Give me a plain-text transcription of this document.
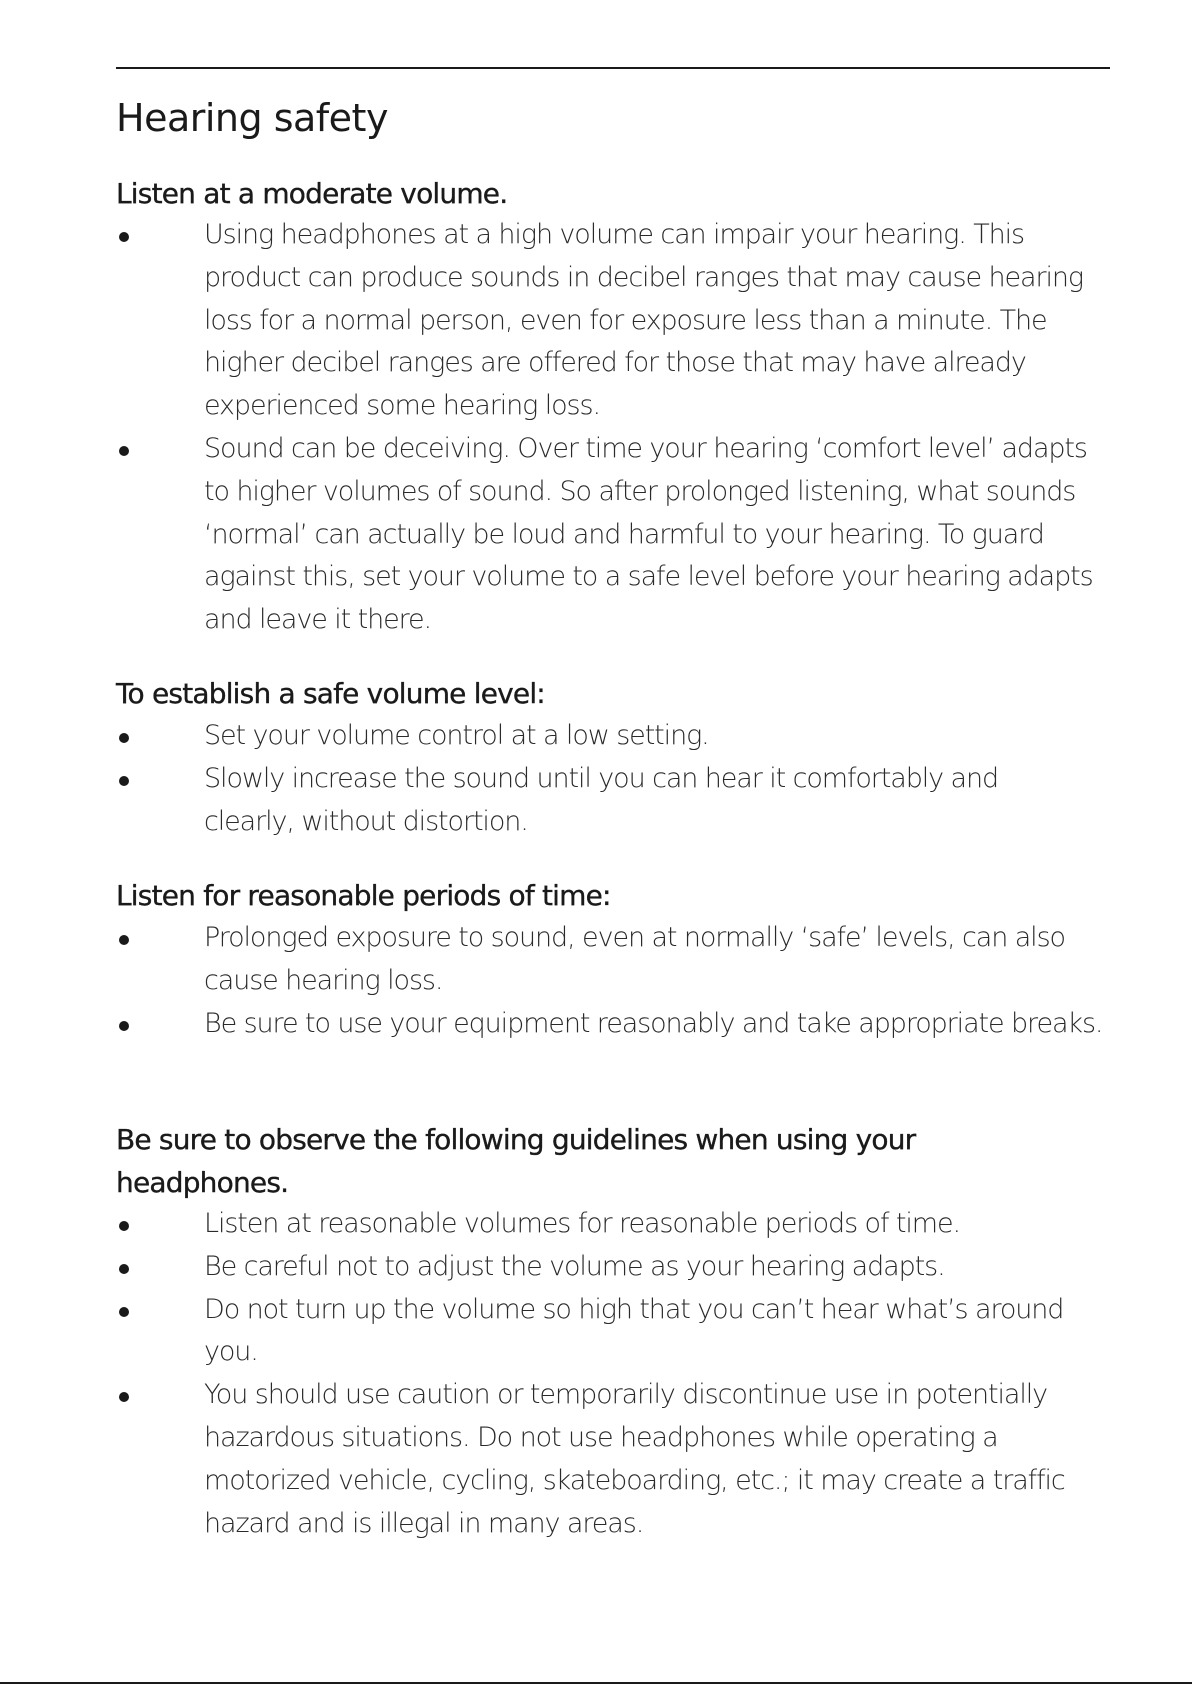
Hearing safety
Listen at a moderate volume.
Using headphones at a high volume can impair your hearing. This product can produce sounds in decibel ranges that may cause hearing loss for a normal person, even for exposure less than a minute. The higher decibel ranges are offered for those that may have already experienced some hearing loss.
Sound can be deceiving. Over time your hearing ‘comfort level’ adapts to higher volumes of sound. So after prolonged listening, what sounds ‘normal’ can actually be loud and harmful to your hearing. To guard against this, set your volume to a safe level before your hearing adapts and leave it there.
To establish a safe volume level:
Set your volume control at a low setting.
Slowly increase the sound until you can hear it comfortably and clearly, without distortion.
Listen for reasonable periods of time:
Prolonged exposure to sound, even at normally ‘safe’ levels, can also cause hearing loss.
Be sure to use your equipment reasonably and take appropriate breaks.
Be sure to observe the following guidelines when using your headphones.
Listen at reasonable volumes for reasonable periods of time.
Be careful not to adjust the volume as your hearing adapts.
Do not turn up the volume so high that you can’t hear what’s around you.
You should use caution or temporarily discontinue use in potentially hazardous situations. Do not use headphones while operating a motorized vehicle, cycling, skateboarding, etc.; it may create a traffic hazard and is illegal in many areas.
